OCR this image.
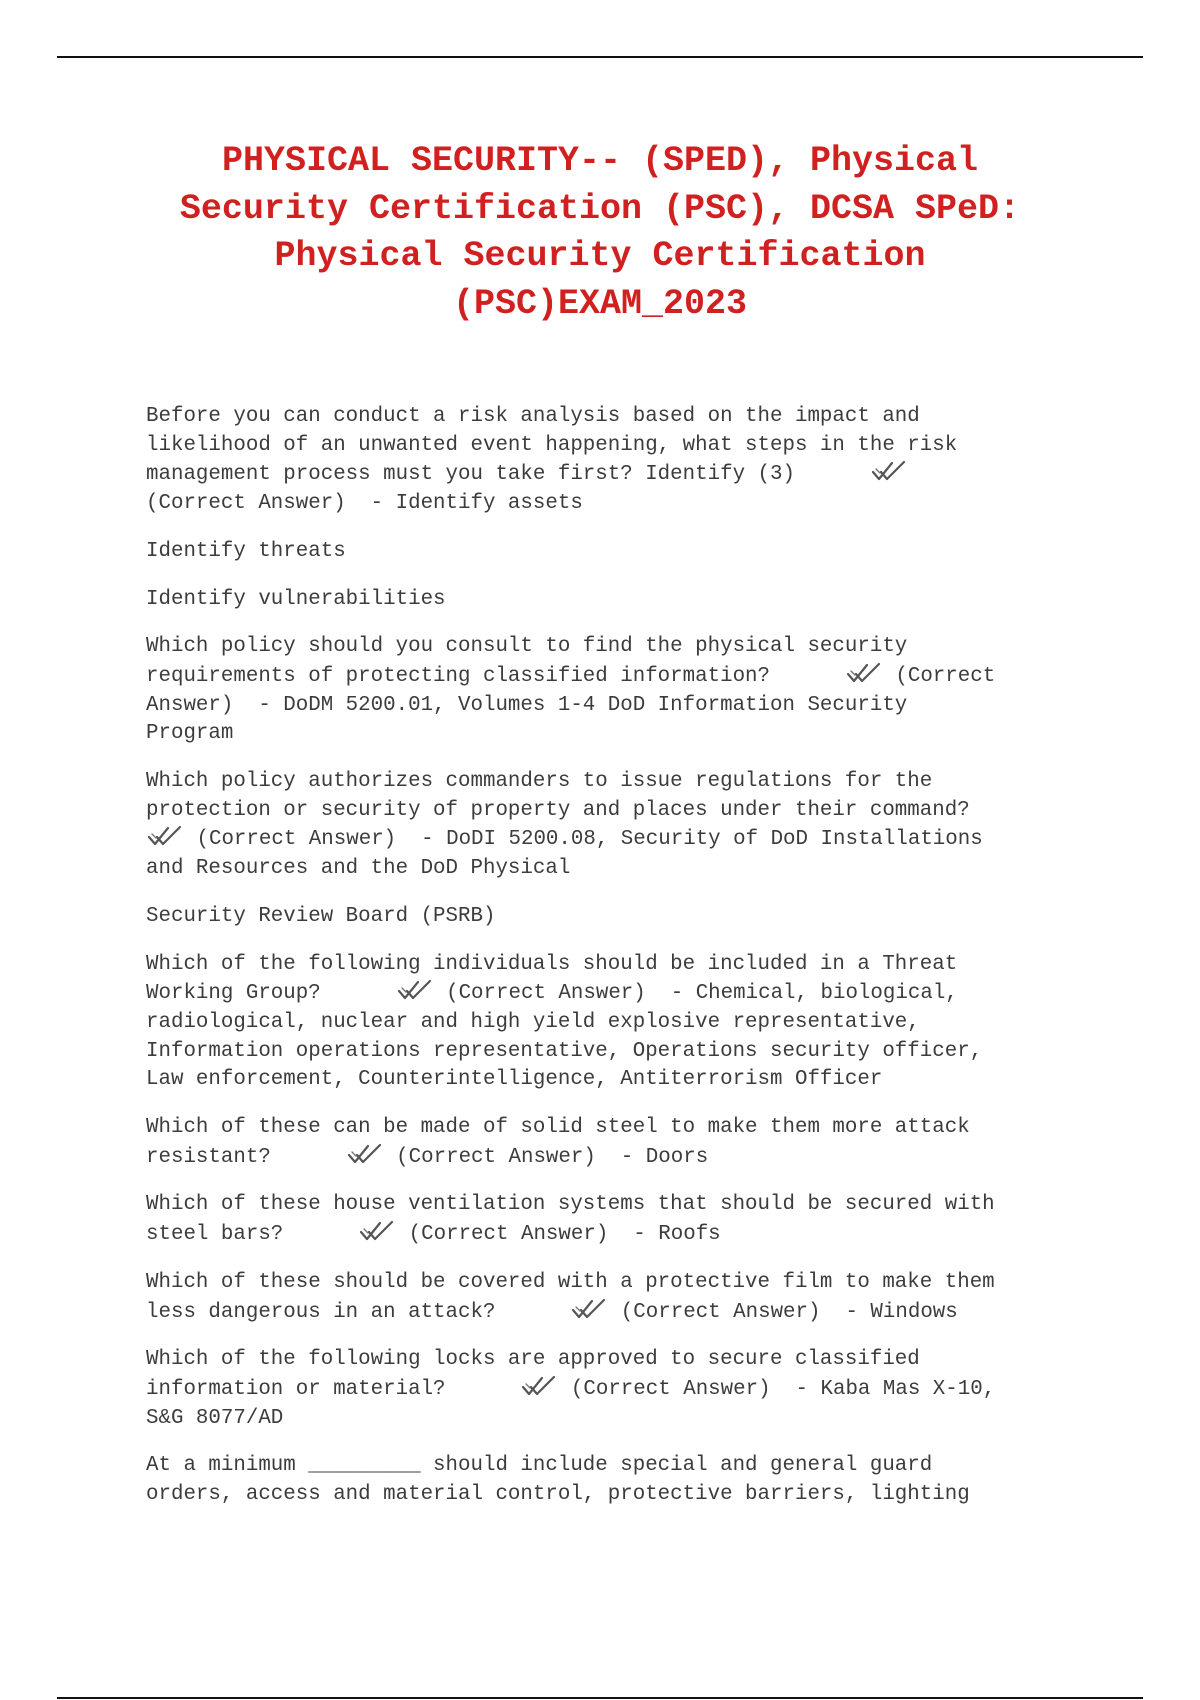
PHYSICAL SECURITY-- (SPED), Physical
Security Certification (PSC), DCSA SPeD:
Physical Security Certification
(PSC)EXAM_2023

Before you can conduct a risk analysis based on the impact and
likelihood of an unwanted event happening, what steps in the risk
management process must you take first? Identify (3)
(Correct Answer)  - Identify assets

Identify threats

Identify vulnerabilities

Which policy should you consult to find the physical security
requirements of protecting classified information?
(Correct
Answer)  - DoDM 5200.01, Volumes 1-4 DoD Information Security
Program

Which policy authorizes commanders to issue regulations for the
protection or security of property and places under their command?
(Correct Answer)  - DoDI 5200.08, Security of DoD Installations
and Resources and the DoD Physical

Security Review Board (PSRB)

Which of the following individuals should be included in a Threat
Working Group?
(Correct Answer)  - Chemical, biological,
radiological, nuclear and high yield explosive representative,
Information operations representative, Operations security officer,
Law enforcement, Counterintelligence, Antiterrorism Officer

Which of these can be made of solid steel to make them more attack
resistant?
(Correct Answer)  - Doors

Which of these house ventilation systems that should be secured with
steel bars?
(Correct Answer)  - Roofs

Which of these should be covered with a protective film to make them
less dangerous in an attack?
(Correct Answer)  - Windows

Which of the following locks are approved to secure classified
information or material?
(Correct Answer)  - Kaba Mas X-10,
S&G 8077/AD

At a minimum _________ should include special and general guard
orders, access and material control, protective barriers, lighting
